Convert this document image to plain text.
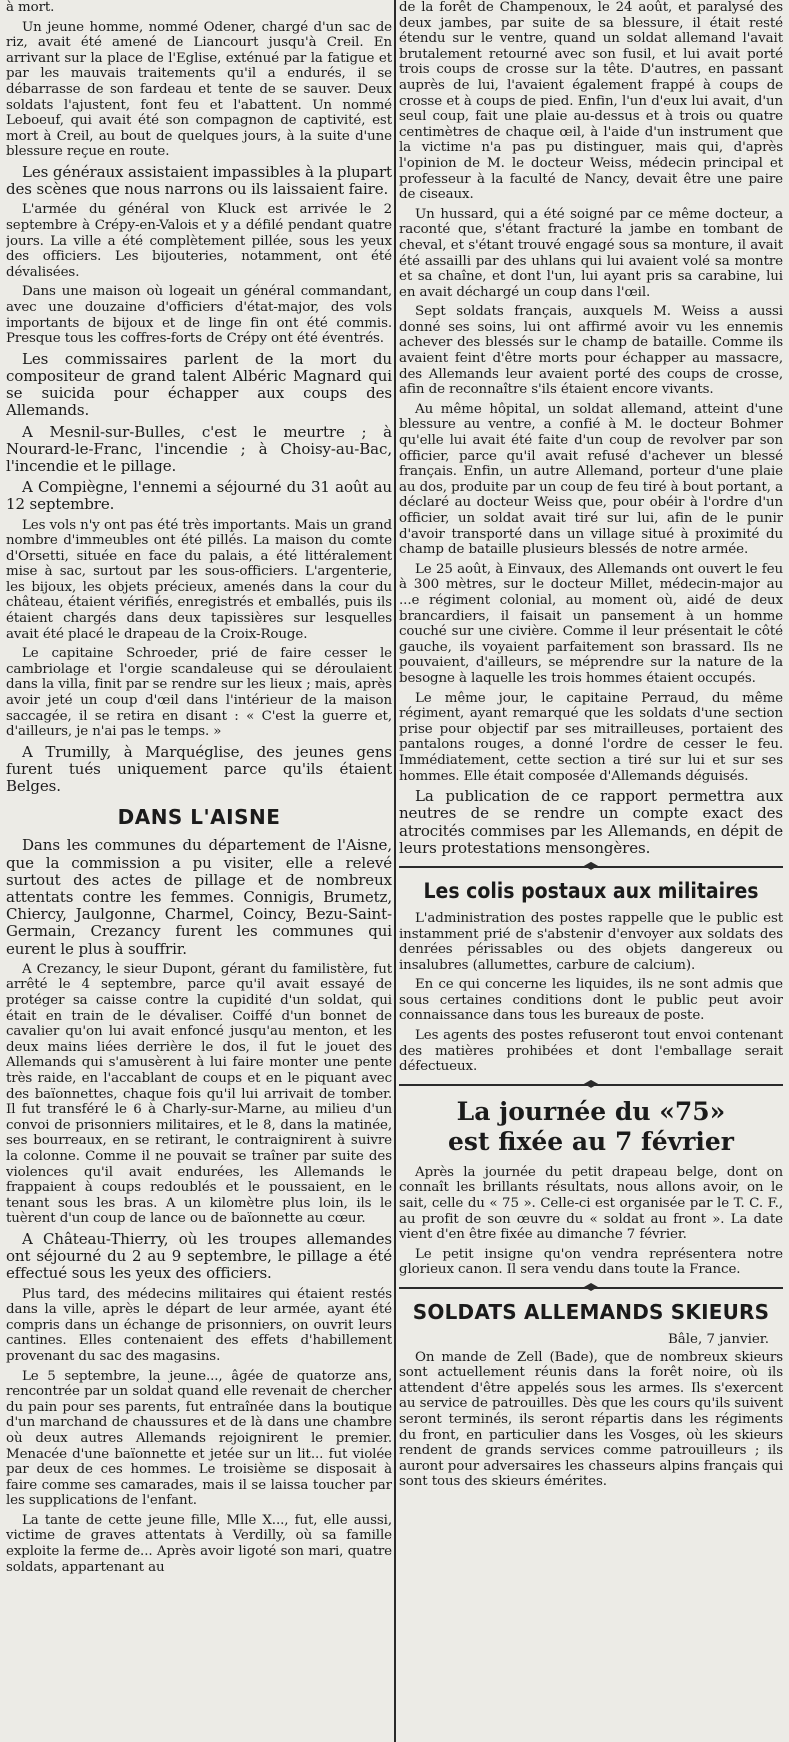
à mort.

Un jeune homme, nommé Odener, chargé d'un sac de riz, avait été amené de Liancourt jusqu'à Creil. En arrivant sur la place de l'Eglise, exténué par la fatigue et par les mauvais traitements qu'il a endurés, il se débarrasse de son fardeau et tente de se sauver. Deux soldats l'ajustent, font feu et l'abattent. Un nommé Leboeuf, qui avait été son compagnon de captivité, est mort à Creil, au bout de quelques jours, à la suite d'une blessure reçue en route.

Les généraux assistaient impassibles à la plupart des scènes que nous narrons ou ils laissaient faire.

L'armée du général von Kluck est arrivée le 2 septembre à Crépy-en-Valois et y a défilé pendant quatre jours. La ville a été complètement pillée, sous les yeux des officiers. Les bijouteries, notamment, ont été dévalisées.

Dans une maison où logeait un général commandant, avec une douzaine d'officiers d'état-major, des vols importants de bijoux et de linge fin ont été commis. Presque tous les coffres-forts de Crépy ont été éventrés.

Les commissaires parlent de la mort du compositeur de grand talent Albéric Magnard qui se suicida pour échapper aux coups des Allemands.

A Mesnil-sur-Bulles, c'est le meurtre ; à Nourard-le-Franc, l'incendie ; à Choisy-au-Bac, l'incendie et le pillage.

A Compiègne, l'ennemi a séjourné du 31 août au 12 septembre.

Les vols n'y ont pas été très importants. Mais un grand nombre d'immeubles ont été pillés. La maison du comte d'Orsetti, située en face du palais, a été littéralement mise à sac, surtout par les sous-officiers. L'argenterie, les bijoux, les objets précieux, amenés dans la cour du château, étaient vérifiés, enregistrés et emballés, puis ils étaient chargés dans deux tapissières sur lesquelles avait été placé le drapeau de la Croix-Rouge.

Le capitaine Schroeder, prié de faire cesser le cambriolage et l'orgie scandaleuse qui se déroulaient dans la villa, finit par se rendre sur les lieux ; mais, après avoir jeté un coup d'œil dans l'intérieur de la maison saccagée, il se retira en disant : « C'est la guerre et, d'ailleurs, je n'ai pas le temps. »

A Trumilly, à Marquéglise, des jeunes gens furent tués uniquement parce qu'ils étaient Belges.

DANS L'AISNE

Dans les communes du département de l'Aisne, que la commission a pu visiter, elle a relevé surtout des actes de pillage et de nombreux attentats contre les femmes. Connigis, Brumetz, Chiercy, Jaulgonne, Charmel, Coincy, Bezu-Saint-Germain, Crezancy furent les communes qui eurent le plus à souffrir.

A Crezancy, le sieur Dupont, gérant du familistère, fut arrêté le 4 septembre, parce qu'il avait essayé de protéger sa caisse contre la cupidité d'un soldat, qui était en train de le dévaliser. Coiffé d'un bonnet de cavalier qu'on lui avait enfoncé jusqu'au menton, et les deux mains liées derrière le dos, il fut le jouet des Allemands qui s'amusèrent à lui faire monter une pente très raide, en l'accablant de coups et en le piquant avec des baïonnettes, chaque fois qu'il lui arrivait de tomber. Il fut transféré le 6 à Charly-sur-Marne, au milieu d'un convoi de prisonniers militaires, et le 8, dans la matinée, ses bourreaux, en se retirant, le contraignirent à suivre la colonne. Comme il ne pouvait se traîner par suite des violences qu'il avait endurées, les Allemands le frappaient à coups redoublés et le poussaient, en le tenant sous les bras. A un kilomètre plus loin, ils le tuèrent d'un coup de lance ou de baïonnette au cœur.

A Château-Thierry, où les troupes allemandes ont séjourné du 2 au 9 septembre, le pillage a été effectué sous les yeux des officiers.

Plus tard, des médecins militaires qui étaient restés dans la ville, après le départ de leur armée, ayant été compris dans un échange de prisonniers, on ouvrit leurs cantines. Elles contenaient des effets d'habillement provenant du sac des magasins.

Le 5 septembre, la jeune..., âgée de quatorze ans, rencontrée par un soldat quand elle revenait de chercher du pain pour ses parents, fut entraînée dans la boutique d'un marchand de chaussures et de là dans une chambre où deux autres Allemands rejoignirent le premier. Menacée d'une baïonnette et jetée sur un lit... fut violée par deux de ces hommes. Le troisième se disposait à faire comme ses camarades, mais il se laissa toucher par les supplications de l'enfant.

La tante de cette jeune fille, Mlle X..., fut, elle aussi, victime de graves attentats à Verdilly, où sa famille exploite la ferme de... Après avoir ligoté son mari, quatre soldats, appartenant au

de la forêt de Champenoux, le 24 août, et paralysé des deux jambes, par suite de sa blessure, il était resté étendu sur le ventre, quand un soldat allemand l'avait brutalement retourné avec son fusil, et lui avait porté trois coups de crosse sur la tête. D'autres, en passant auprès de lui, l'avaient également frappé à coups de crosse et à coups de pied. Enfin, l'un d'eux lui avait, d'un seul coup, fait une plaie au-dessus et à trois ou quatre centimètres de chaque œil, à l'aide d'un instrument que la victime n'a pas pu distinguer, mais qui, d'après l'opinion de M. le docteur Weiss, médecin principal et professeur à la faculté de Nancy, devait être une paire de ciseaux.

Un hussard, qui a été soigné par ce même docteur, a raconté que, s'étant fracturé la jambe en tombant de cheval, et s'étant trouvé engagé sous sa monture, il avait été assailli par des uhlans qui lui avaient volé sa montre et sa chaîne, et dont l'un, lui ayant pris sa carabine, lui en avait déchargé un coup dans l'œil.

Sept soldats français, auxquels M. Weiss a aussi donné ses soins, lui ont affirmé avoir vu les ennemis achever des blessés sur le champ de bataille. Comme ils avaient feint d'être morts pour échapper au massacre, des Allemands leur avaient porté des coups de crosse, afin de reconnaître s'ils étaient encore vivants.

Au même hôpital, un soldat allemand, atteint d'une blessure au ventre, a confié à M. le docteur Bohmer qu'elle lui avait été faite d'un coup de revolver par son officier, parce qu'il avait refusé d'achever un blessé français. Enfin, un autre Allemand, porteur d'une plaie au dos, produite par un coup de feu tiré à bout portant, a déclaré au docteur Weiss que, pour obéir à l'ordre d'un officier, un soldat avait tiré sur lui, afin de le punir d'avoir transporté dans un village situé à proximité du champ de bataille plusieurs blessés de notre armée.

Le 25 août, à Einvaux, des Allemands ont ouvert le feu à 300 mètres, sur le docteur Millet, médecin-major au ...e régiment colonial, au moment où, aidé de deux brancardiers, il faisait un pansement à un homme couché sur une civière. Comme il leur présentait le côté gauche, ils voyaient parfaitement son brassard. Ils ne pouvaient, d'ailleurs, se méprendre sur la nature de la besogne à laquelle les trois hommes étaient occupés.

Le même jour, le capitaine Perraud, du même régiment, ayant remarqué que les soldats d'une section prise pour objectif par ses mitrailleuses, portaient des pantalons rouges, a donné l'ordre de cesser le feu. Immédiatement, cette section a tiré sur lui et sur ses hommes. Elle était composée d'Allemands déguisés.

La publication de ce rapport permettra aux neutres de se rendre un compte exact des atrocités commises par les Allemands, en dépit de leurs protestations mensongères.

Les colis postaux aux militaires

L'administration des postes rappelle que le public est instamment prié de s'abstenir d'envoyer aux soldats des denrées périssables ou des objets dangereux ou insalubres (allumettes, carbure de calcium).

En ce qui concerne les liquides, ils ne sont admis que sous certaines conditions dont le public peut avoir connaissance dans tous les bureaux de poste.

Les agents des postes refuseront tout envoi contenant des matières prohibées et dont l'emballage serait défectueux.

La journée du «75»
est fixée au 7 février

Après la journée du petit drapeau belge, dont on connaît les brillants résultats, nous allons avoir, on le sait, celle du « 75 ». Celle-ci est organisée par le T. C. F., au profit de son œuvre du « soldat au front ». La date vient d'en être fixée au dimanche 7 février.

Le petit insigne qu'on vendra représentera notre glorieux canon. Il sera vendu dans toute la France.

SOLDATS ALLEMANDS SKIEURS
Bâle, 7 janvier.

On mande de Zell (Bade), que de nombreux skieurs sont actuellement réunis dans la forêt noire, où ils attendent d'être appelés sous les armes. Ils s'exercent au service de patrouilles. Dès que les cours qu'ils suivent seront terminés, ils seront répartis dans les régiments du front, en particulier dans les Vosges, où les skieurs rendent de grands services comme patrouilleurs ; ils auront pour adversaires les chasseurs alpins français qui sont tous des skieurs émérites.
